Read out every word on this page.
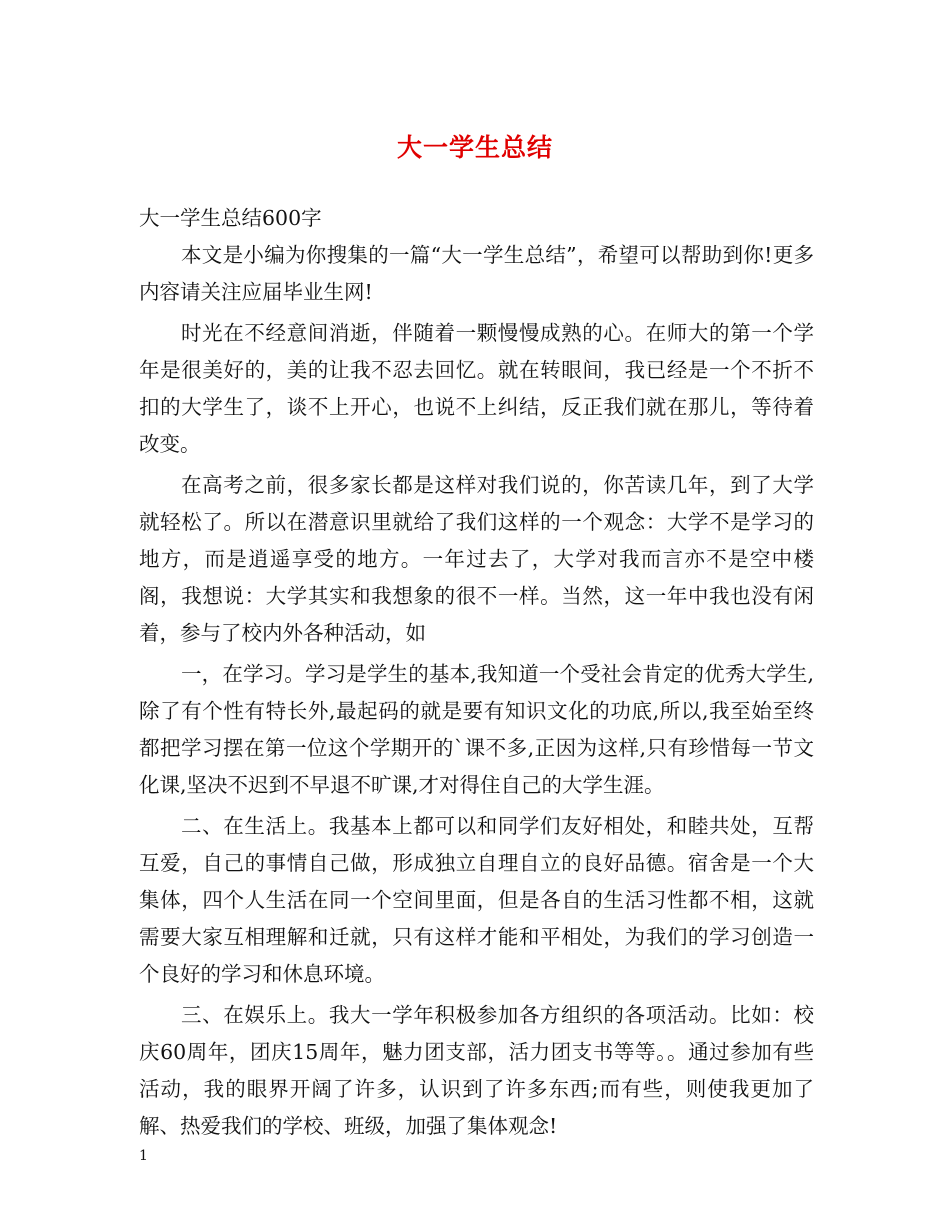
大一学生总结

大一学生总结600字

本文是小编为你搜集的一篇“大一学生总结”，希望可以帮助到你!更多内容请关注应届毕业生网!

时光在不经意间消逝，伴随着一颗慢慢成熟的心。在师大的第一个学年是很美好的，美的让我不忍去回忆。就在转眼间，我已经是一个不折不扣的大学生了，谈不上开心，也说不上纠结，反正我们就在那儿，等待着改变。

在高考之前，很多家长都是这样对我们说的，你苦读几年，到了大学就轻松了。所以在潜意识里就给了我们这样的一个观念：大学不是学习的地方，而是逍遥享受的地方。一年过去了，大学对我而言亦不是空中楼阁，我想说：大学其实和我想象的很不一样。当然，这一年中我也没有闲着，参与了校内外各种活动，如

一，在学习。学习是学生的基本,我知道一个受社会肯定的优秀大学生,除了有个性有特长外,最起码的就是要有知识文化的功底,所以,我至始至终都把学习摆在第一位这个学期开的`课不多,正因为这样,只有珍惜每一节文化课,坚决不迟到不早退不旷课,才对得住自己的大学生涯。

二、在生活上。我基本上都可以和同学们友好相处，和睦共处，互帮互爱，自己的事情自己做，形成独立自理自立的良好品德。宿舍是一个大集体，四个人生活在同一个空间里面，但是各自的生活习性都不相，这就需要大家互相理解和迁就，只有这样才能和平相处，为我们的学习创造一个良好的学习和休息环境。

三、在娱乐上。我大一学年积极参加各方组织的各项活动。比如：校庆60周年，团庆15周年，魅力团支部，活力团支书等等。。通过参加有些活动，我的眼界开阔了许多，认识到了许多东西;而有些，则使我更加了解、热爱我们的学校、班级，加强了集体观念!

1
